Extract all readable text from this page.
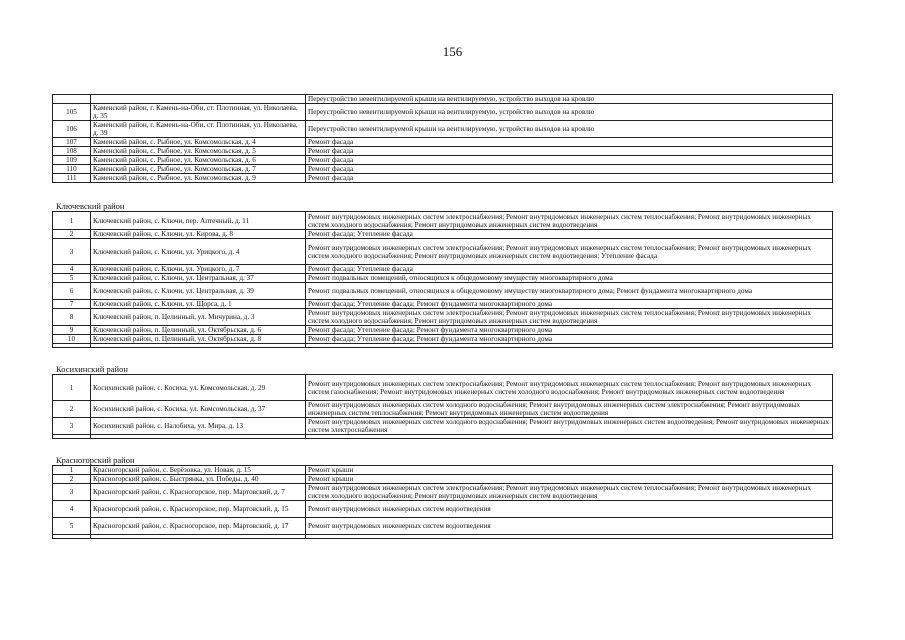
156
		Переустройство невентилируемой крыши на вентилируемую, устройство выходов на кровлю
105	Каменский район, г. Камень-на-Оби, ст. Плотинная, ул. Николаева, д. 35	Переустройство невентилируемой крыши на вентилируемую, устройство выходов на кровлю
106	Каменский район, г. Камень-на-Оби, ст. Плотинная, ул. Николаева, д. 39	Переустройство невентилируемой крыши на вентилируемую, устройство выходов на кровлю
107	Каменский район, с. Рыбное, ул. Комсомольская, д. 4	Ремонт фасада
108	Каменский район, с. Рыбное, ул. Комсомольская, д. 5	Ремонт фасада
109	Каменский район, с. Рыбное, ул. Комсомольская, д. 6	Ремонт фасада
110	Каменский район, с. Рыбное, ул. Комсомольская, д. 7	Ремонт фасада
111	Каменский район, с. Рыбное, ул. Комсомольская, д. 9	Ремонт фасада
Ключевский район
1	Ключевский район, с. Ключи, пер. Аптечный, д. 11	Ремонт внутридомовых инженерных систем электроснабжения; Ремонт внутридомовых инженерных систем теплоснабжения; Ремонт внутридомовых инженерных систем холодного водоснабжения; Ремонт внутридомовых инженерных систем водоотведения
2	Ключевский район, с. Ключи, ул. Кирова, д. 8	Ремонт фасада; Утепление фасада
3	Ключевский район, с. Ключи, ул. Урицкого, д. 4	Ремонт внутридомовых инженерных систем электроснабжения; Ремонт внутридомовых инженерных систем теплоснабжения; Ремонт внутридомовых инженерных систем холодного водоснабжения; Ремонт внутридомовых инженерных систем водоотведения; Утепление фасада
4	Ключевский район, с. Ключи, ул. Урицкого, д. 7	Ремонт фасада; Утепление фасада
5	Ключевский район, с. Ключи, ул. Центральная, д. 37	Ремонт подвальных помещений, относящихся к общедомовому имуществу многоквартирного дома
6	Ключевский район, с. Ключи, ул. Центральная, д. 39	Ремонт подвальных помещений, относящихся к общедомовому имуществу многоквартирного дома; Ремонт фундамента многоквартирного дома
7	Ключевский район, с. Ключи, ул. Щорса, д. 1	Ремонт фасада; Утепление фасада; Ремонт фундамента многоквартирного дома
8	Ключевский район, п. Целинный, ул. Мичурина, д. 3	Ремонт внутридомовых инженерных систем электроснабжения; Ремонт внутридомовых инженерных систем теплоснабжения; Ремонт внутридомовых инженерных систем холодного водоснабжения; Ремонт внутридомовых инженерных систем водоотведения
9	Ключевский район, п. Целинный, ул. Октябрьская, д. 6	Ремонт фасада; Утепление фасада; Ремонт фундамента многоквартирного дома
10	Ключевский район, п. Целинный, ул. Октябрьская, д. 8	Ремонт фасада; Утепление фасада; Ремонт фундамента многоквартирного дома

Косихинский район
1	Косихинский район, с. Косиха, ул. Комсомольская, д. 29	Ремонт внутридомовых инженерных систем электроснабжения; Ремонт внутридомовых инженерных систем теплоснабжения; Ремонт внутридомовых инженерных систем газоснабжения; Ремонт внутридомовых инженерных систем холодного водоснабжения; Ремонт внутридомовых инженерных систем водоотведения
2	Косихинский район, с. Косиха, ул. Комсомольская, д. 37	Ремонт внутридомовых инженерных систем холодного водоснабжения; Ремонт внутридомовых инженерных систем электроснабжения; Ремонт внутридомовых инженерных систем теплоснабжения; Ремонт внутридомовых инженерных систем водоотведения
3	Косихинский район, с. Налобиха, ул. Мира, д. 13	Ремонт внутридомовых инженерных систем холодного водоснабжения; Ремонт внутридомовых инженерных систем водоотведения; Ремонт внутридомовых инженерных систем электроснабжения

Красногорский район
1	Красногорский район, с. Берёзовка, ул. Новая, д. 15	Ремонт крыши
2	Красногорский район, с. Быстрянка, ул. Победы, д. 40	Ремонт крыши
3	Красногорский район, с. Красногорское, пер. Мартовский, д. 7	Ремонт внутридомовых инженерных систем электроснабжения; Ремонт внутридомовых инженерных систем теплоснабжения; Ремонт внутридомовых инженерных систем холодного водоснабжения; Ремонт внутридомовых инженерных систем водоотведения
4	Красногорский район, с. Красногорское, пер. Мартовский, д. 15	Ремонт внутридомовых инженерных систем водоотведения
5	Красногорский район, с. Красногорское, пер. Мартовский, д. 17	Ремонт внутридомовых инженерных систем водоотведения
